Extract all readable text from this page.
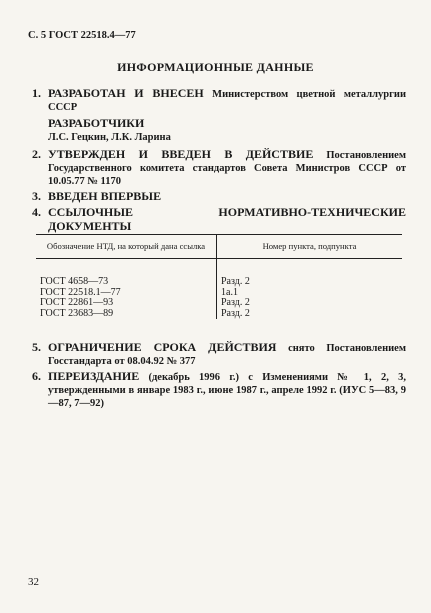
С. 5 ГОСТ 22518.4—77
ИНФОРМАЦИОННЫЕ ДАННЫЕ
1. РАЗРАБОТАН И ВНЕСЕН Министерством цветной металлургии СССР
РАЗРАБОТЧИКИ
Л.С. Гецкин, Л.К. Ларина
2. УТВЕРЖДЕН И ВВЕДЕН В ДЕЙСТВИЕ Постановлением Государственного комитета стандартов Совета Министров СССР от 10.05.77 № 1170
3. ВВЕДЕН ВПЕРВЫЕ
4. ССЫЛОЧНЫЕ НОРМАТИВНО-ТЕХНИЧЕСКИЕ ДОКУМЕНТЫ
Обозначение НТД, на который дана ссылка	Номер пункта, подпункта
ГОСТ 4658—73	Разд. 2
ГОСТ 22518.1—77	1а.1
ГОСТ 22861—93	Разд. 2
ГОСТ 23683—89	Разд. 2
5. ОГРАНИЧЕНИЕ СРОКА ДЕЙСТВИЯ снято Постановлением Госстандарта от 08.04.92 № 377
6. ПЕРЕИЗДАНИЕ (декабрь 1996 г.) с Изменениями № 1, 2, 3, утвержденными в январе 1983 г., июне 1987 г., апреле 1992 г. (ИУС 5—83, 9—87, 7—92)
32
